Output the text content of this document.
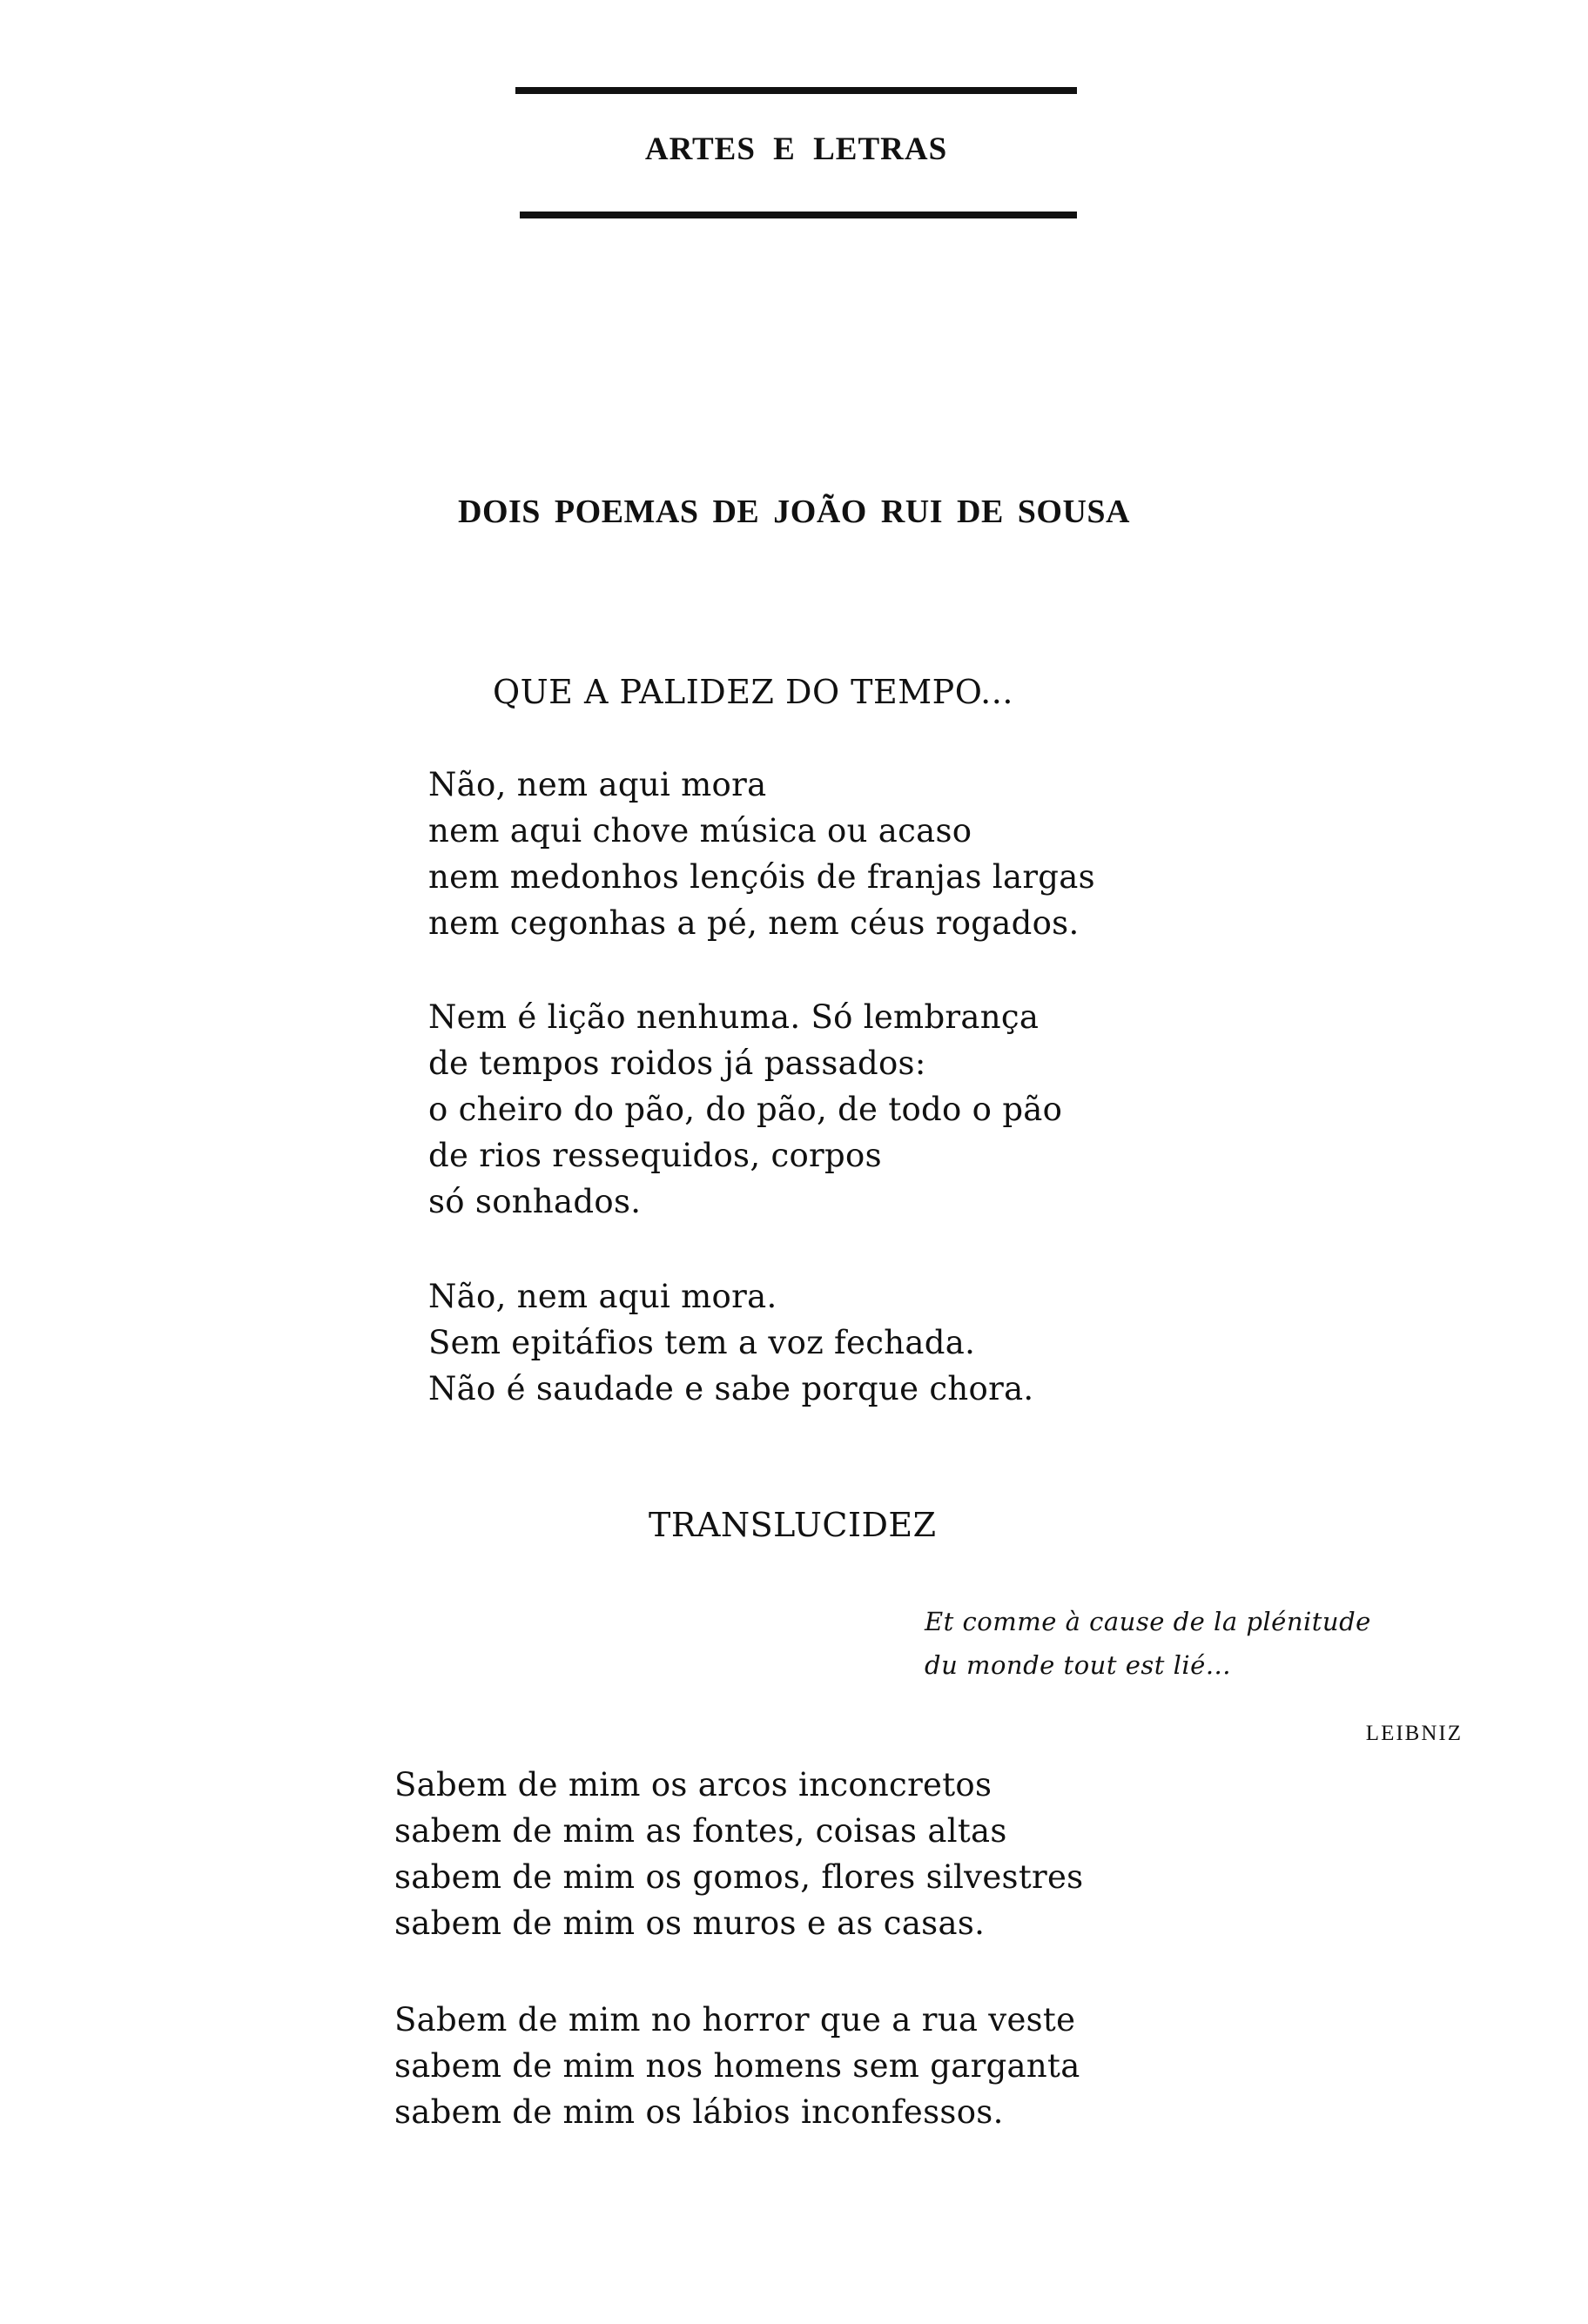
ARTES E LETRAS
DOIS POEMAS DE JOÃO RUI DE SOUSA
QUE A PALIDEZ DO TEMPO...
Não, nem aqui mora
nem aqui chove música ou acaso
nem medonhos lençóis de franjas largas
nem cegonhas a pé, nem céus rogados.
Nem é lição nenhuma. Só lembrança
de tempos roidos já passados:
o cheiro do pão, do pão, de todo o pão
de rios ressequidos, corpos
só sonhados.
Não, nem aqui mora.
Sem epitáfios tem a voz fechada.
Não é saudade e sabe porque chora.
TRANSLUCIDEZ
Et comme à cause de la plénitude
du monde tout est lié...
LEIBNIZ
Sabem de mim os arcos inconcretos
sabem de mim as fontes, coisas altas
sabem de mim os gomos, flores silvestres
sabem de mim os muros e as casas.
Sabem de mim no horror que a rua veste
sabem de mim nos homens sem garganta
sabem de mim os lábios inconfessos.
